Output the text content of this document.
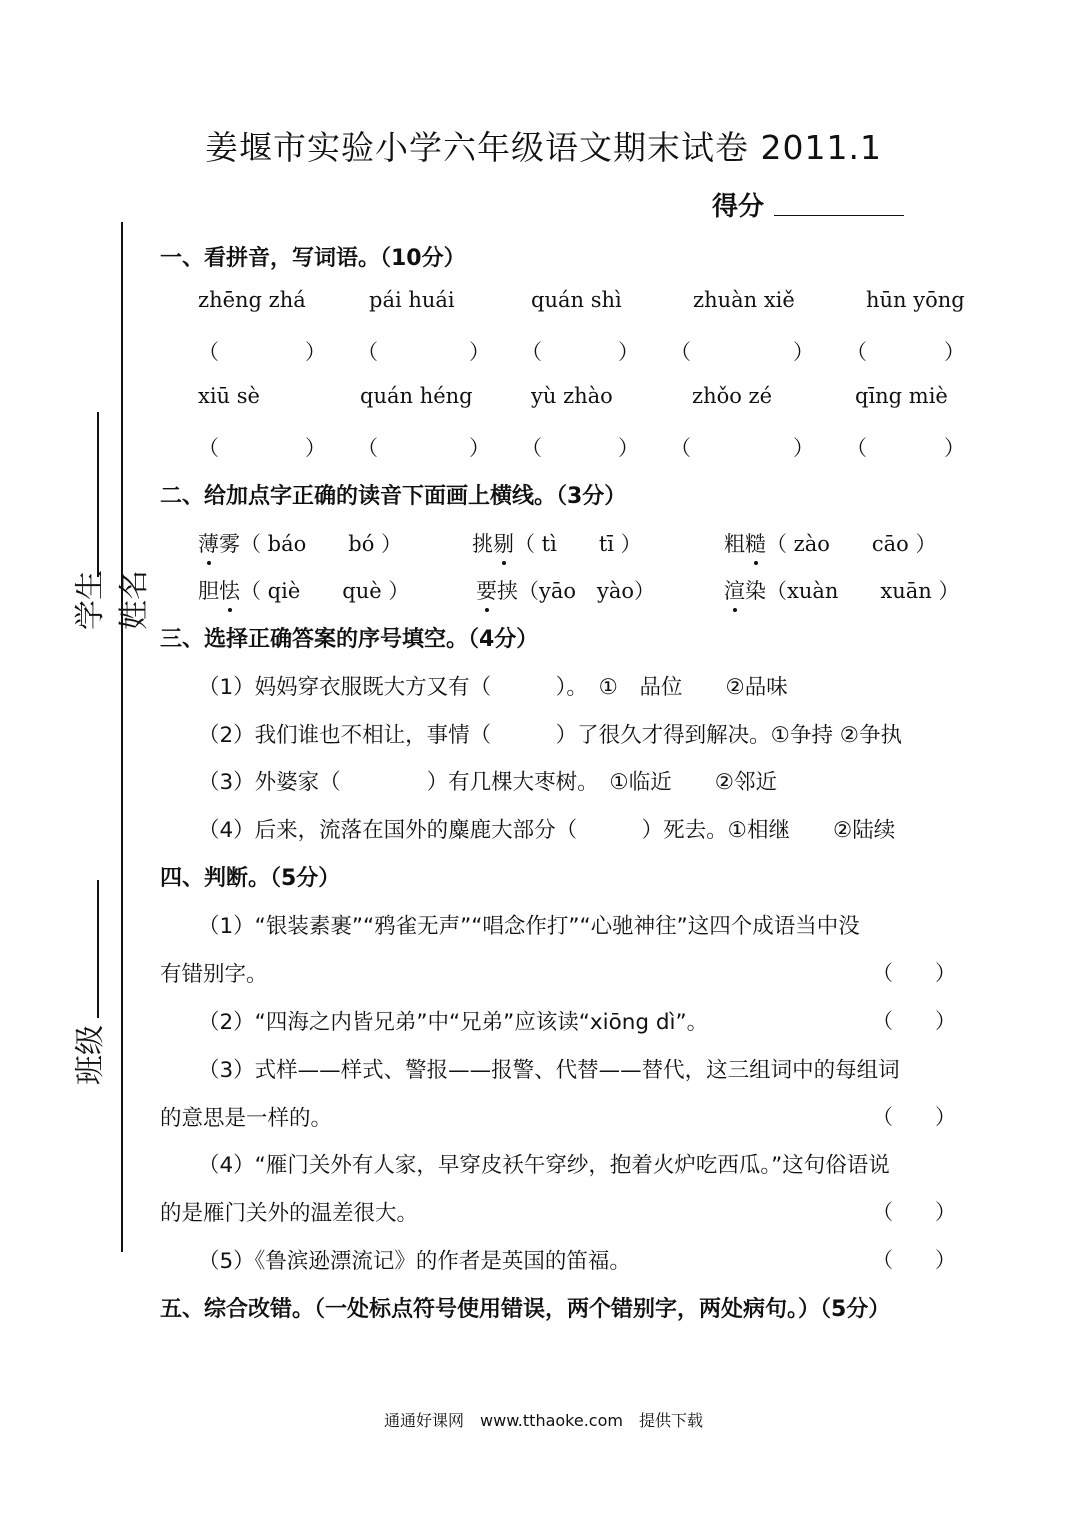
姜堰市实验小学六年级语文期末试卷 2011.1
得分
学生姓名
班级
一、看拼音，写词语。（10分）
zhēng zhá	pái huái	quán shì	zhuàn xiě	hūn yōng
（	） （	） （	） （	） （	）
xiū sè	quán héng	yù zhào	zhǒo zé	qīng miè
（	） （	） （	） （	） （	）
二、给加点字正确的读音下面画上横线。（3分）
薄雾（ báo　　bó ）	挑剔（ tì　　tī ）	粗糙（ zào　　cāo ）
胆怯（ qiè　　què ）	要挟（yāo　yào）	渲染（xuàn　　xuān ）
三、选择正确答案的序号填空。（4分）
（1）妈妈穿衣服既大方又有（　　　）。　①　品位　　②品味
（2）我们谁也不相让，事情（　　　）了很久才得到解决。①争持 ②争执
（3）外婆家（　　　　）有几棵大枣树。　①临近　　②邻近
（4）后来，流落在国外的麋鹿大部分（　　　）死去。①相继　　②陆续
四、判断。（5分）
（1）“银装素裹”“鸦雀无声”“唱念作打”“心驰神往”这四个成语当中没
有错别字。	（　　）
（2）“四海之内皆兄弟”中“兄弟”应该读“xiōng dì”。	（　　）
（3）式样——样式、警报——报警、代替——替代，这三组词中的每组词
的意思是一样的。	（　　）
（4）“雁门关外有人家，早穿皮袄午穿纱，抱着火炉吃西瓜。”这句俗语说
的是雁门关外的温差很大。	（　　）
（5）《鲁滨逊漂流记》的作者是英国的笛福。	（　　）
五、综合改错。（一处标点符号使用错误，两个错别字，两处病句。）（5分）
通通好课网　www.tthaoke.com　提供下载
